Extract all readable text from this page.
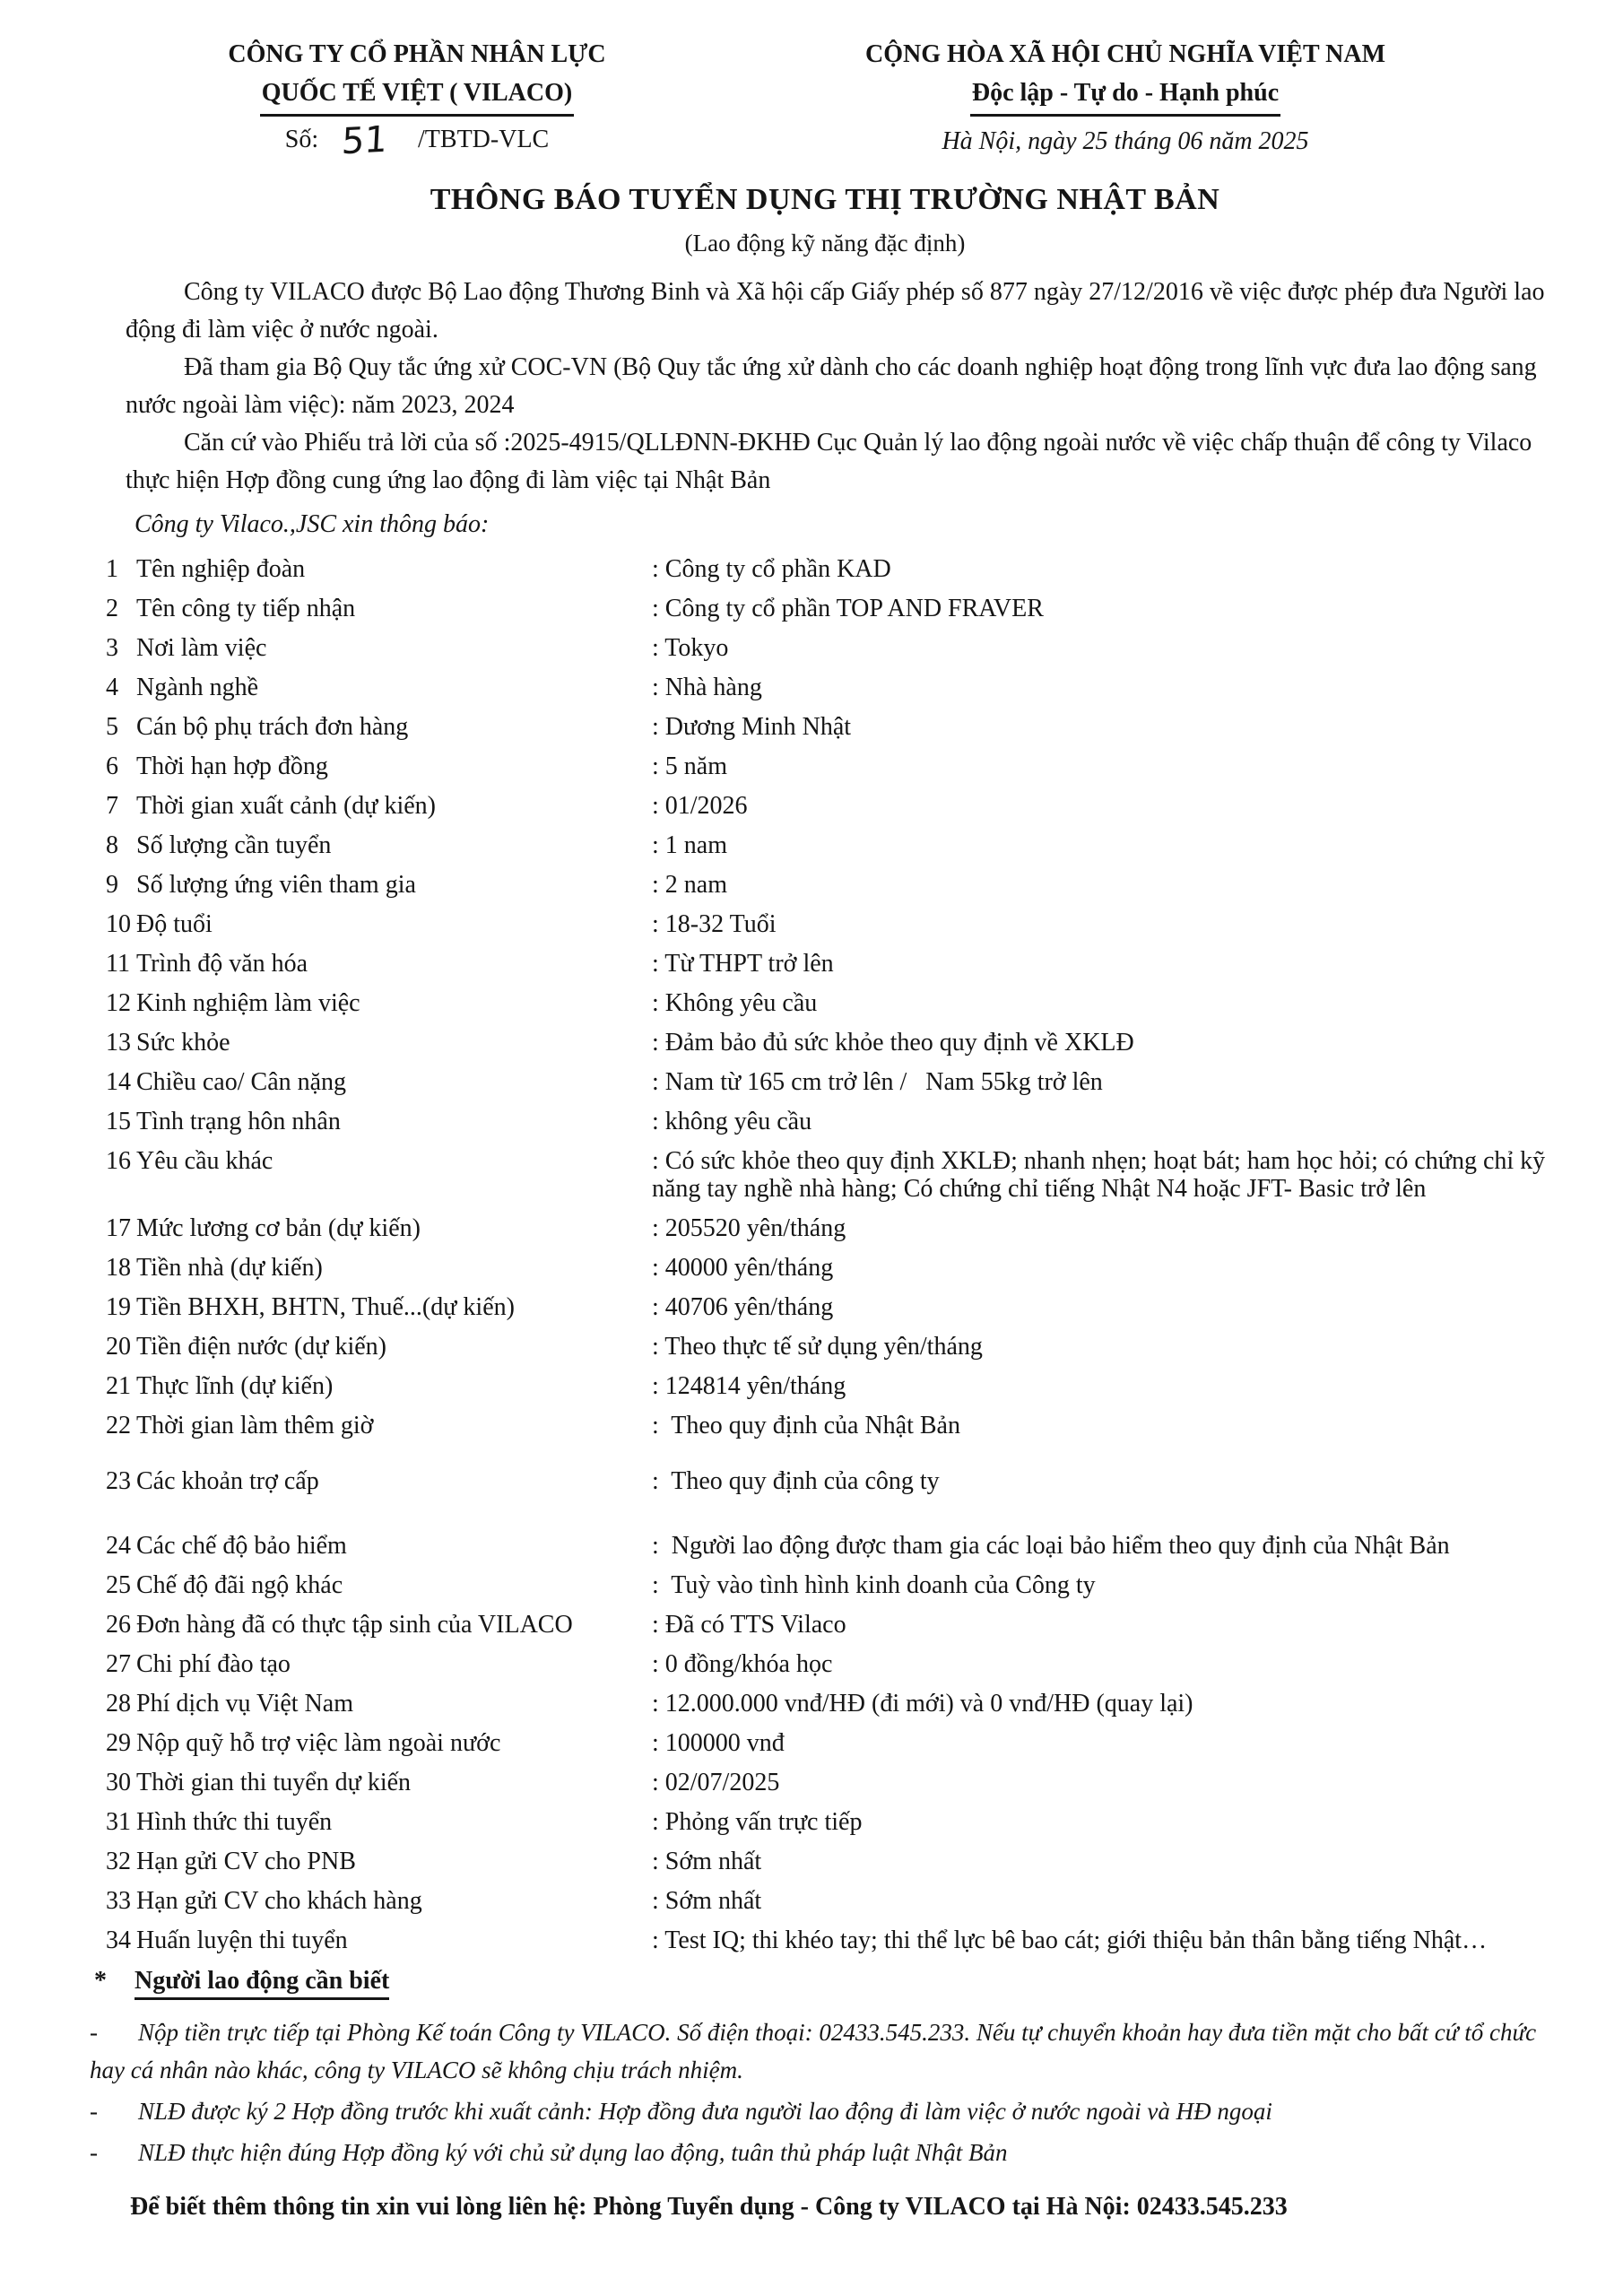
CÔNG TY CỔ PHẦN NHÂN LỰC
QUỐC TẾ VIỆT ( VILACO)
Số: 51 /TBTD-VLC
CỘNG HÒA XÃ HỘI CHỦ NGHĨA VIỆT NAM
Độc lập - Tự do - Hạnh phúc
Hà Nội, ngày 25 tháng 06 năm 2025
THÔNG BÁO TUYỂN DỤNG THỊ TRƯỜNG NHẬT BẢN
(Lao động kỹ năng đặc định)

Công ty VILACO được Bộ Lao động Thương Binh và Xã hội cấp Giấy phép số 877 ngày 27/12/2016 về việc được phép đưa Người lao động đi làm việc ở nước ngoài.

Đã tham gia Bộ Quy tắc ứng xử COC-VN (Bộ Quy tắc ứng xử dành cho các doanh nghiệp hoạt động trong lĩnh vực đưa lao động sang nước ngoài làm việc): năm 2023, 2024

Căn cứ vào Phiếu trả lời của số :2025-4915/QLLĐNN-ĐKHĐ Cục Quản lý lao động ngoài nước về việc chấp thuận để công ty Vilaco thực hiện Hợp đồng cung ứng lao động đi làm việc tại Nhật Bản

Công ty Vilaco.,JSC xin thông báo:

1 Tên nghiệp đoàn	: Công ty cổ phần KAD
2 Tên công ty tiếp nhận	: Công ty cổ phần TOP AND FRAVER
3 Nơi làm việc	: Tokyo
4 Ngành nghề	: Nhà hàng
5 Cán bộ phụ trách đơn hàng	: Dương Minh Nhật
6 Thời hạn hợp đồng	: 5 năm
7 Thời gian xuất cảnh (dự kiến)	: 01/2026
8 Số lượng cần tuyển	: 1 nam
9 Số lượng ứng viên tham gia	: 2 nam
10 Độ tuổi	: 18-32 Tuổi
11 Trình độ văn hóa	: Từ THPT trở lên
12 Kinh nghiệm làm việc	: Không yêu cầu
13 Sức khỏe	: Đảm bảo đủ sức khỏe theo quy định về XKLĐ
14 Chiều cao/ Cân nặng	: Nam từ 165 cm trở lên /   Nam 55kg trở lên
15 Tình trạng hôn nhân	: không yêu cầu
16 Yêu cầu khác	: Có sức khỏe theo quy định XKLĐ; nhanh nhẹn; hoạt bát; ham học hỏi; có chứng chỉ kỹ năng tay nghề nhà hàng; Có chứng chỉ tiếng Nhật N4 hoặc JFT- Basic trở lên
17 Mức lương cơ bản (dự kiến)	: 205520 yên/tháng
18 Tiền nhà (dự kiến)	: 40000 yên/tháng
19 Tiền BHXH, BHTN, Thuế...(dự kiến)	: 40706 yên/tháng
20 Tiền điện nước (dự kiến)	: Theo thực tế sử dụng yên/tháng
21 Thực lĩnh (dự kiến)	: 124814 yên/tháng
22 Thời gian làm thêm giờ	:  Theo quy định của Nhật Bản
23 Các khoản trợ cấp	:  Theo quy định của công ty
24 Các chế độ bảo hiểm	:  Người lao động được tham gia các loại bảo hiểm theo quy định của Nhật Bản
25 Chế độ đãi ngộ khác	:  Tuỳ vào tình hình kinh doanh của Công ty
26 Đơn hàng đã có thực tập sinh của VILACO	: Đã có TTS Vilaco
27 Chi phí đào tạo	: 0 đồng/khóa học
28 Phí dịch vụ Việt Nam	: 12.000.000 vnđ/HĐ (đi mới) và 0 vnđ/HĐ (quay lại)
29 Nộp quỹ hỗ trợ việc làm ngoài nước	: 100000 vnđ
30 Thời gian thi tuyển dự kiến	: 02/07/2025
31 Hình thức thi tuyển	: Phỏng vấn trực tiếp
32 Hạn gửi CV cho PNB	: Sớm nhất
33 Hạn gửi CV cho khách hàng	: Sớm nhất
34 Huấn luyện thi tuyển	: Test IQ; thi khéo tay; thi thể lực bê bao cát; giới thiệu bản thân bằng tiếng Nhật…
* Người lao động cần biết

- Nộp tiền trực tiếp tại Phòng Kế toán Công ty VILACO. Số điện thoại: 02433.545.233. Nếu tự chuyển khoản hay đưa tiền mặt cho bất cứ tổ chức hay cá nhân nào khác, công ty VILACO sẽ không chịu trách nhiệm.

- NLĐ được ký 2 Hợp đồng trước khi xuất cảnh: Hợp đồng đưa người lao động đi làm việc ở nước ngoài và HĐ ngoại

- NLĐ thực hiện đúng Hợp đồng ký với chủ sử dụng lao động, tuân thủ pháp luật Nhật Bản

Để biết thêm thông tin xin vui lòng liên hệ: Phòng Tuyển dụng - Công ty VILACO tại Hà Nội: 02433.545.233
